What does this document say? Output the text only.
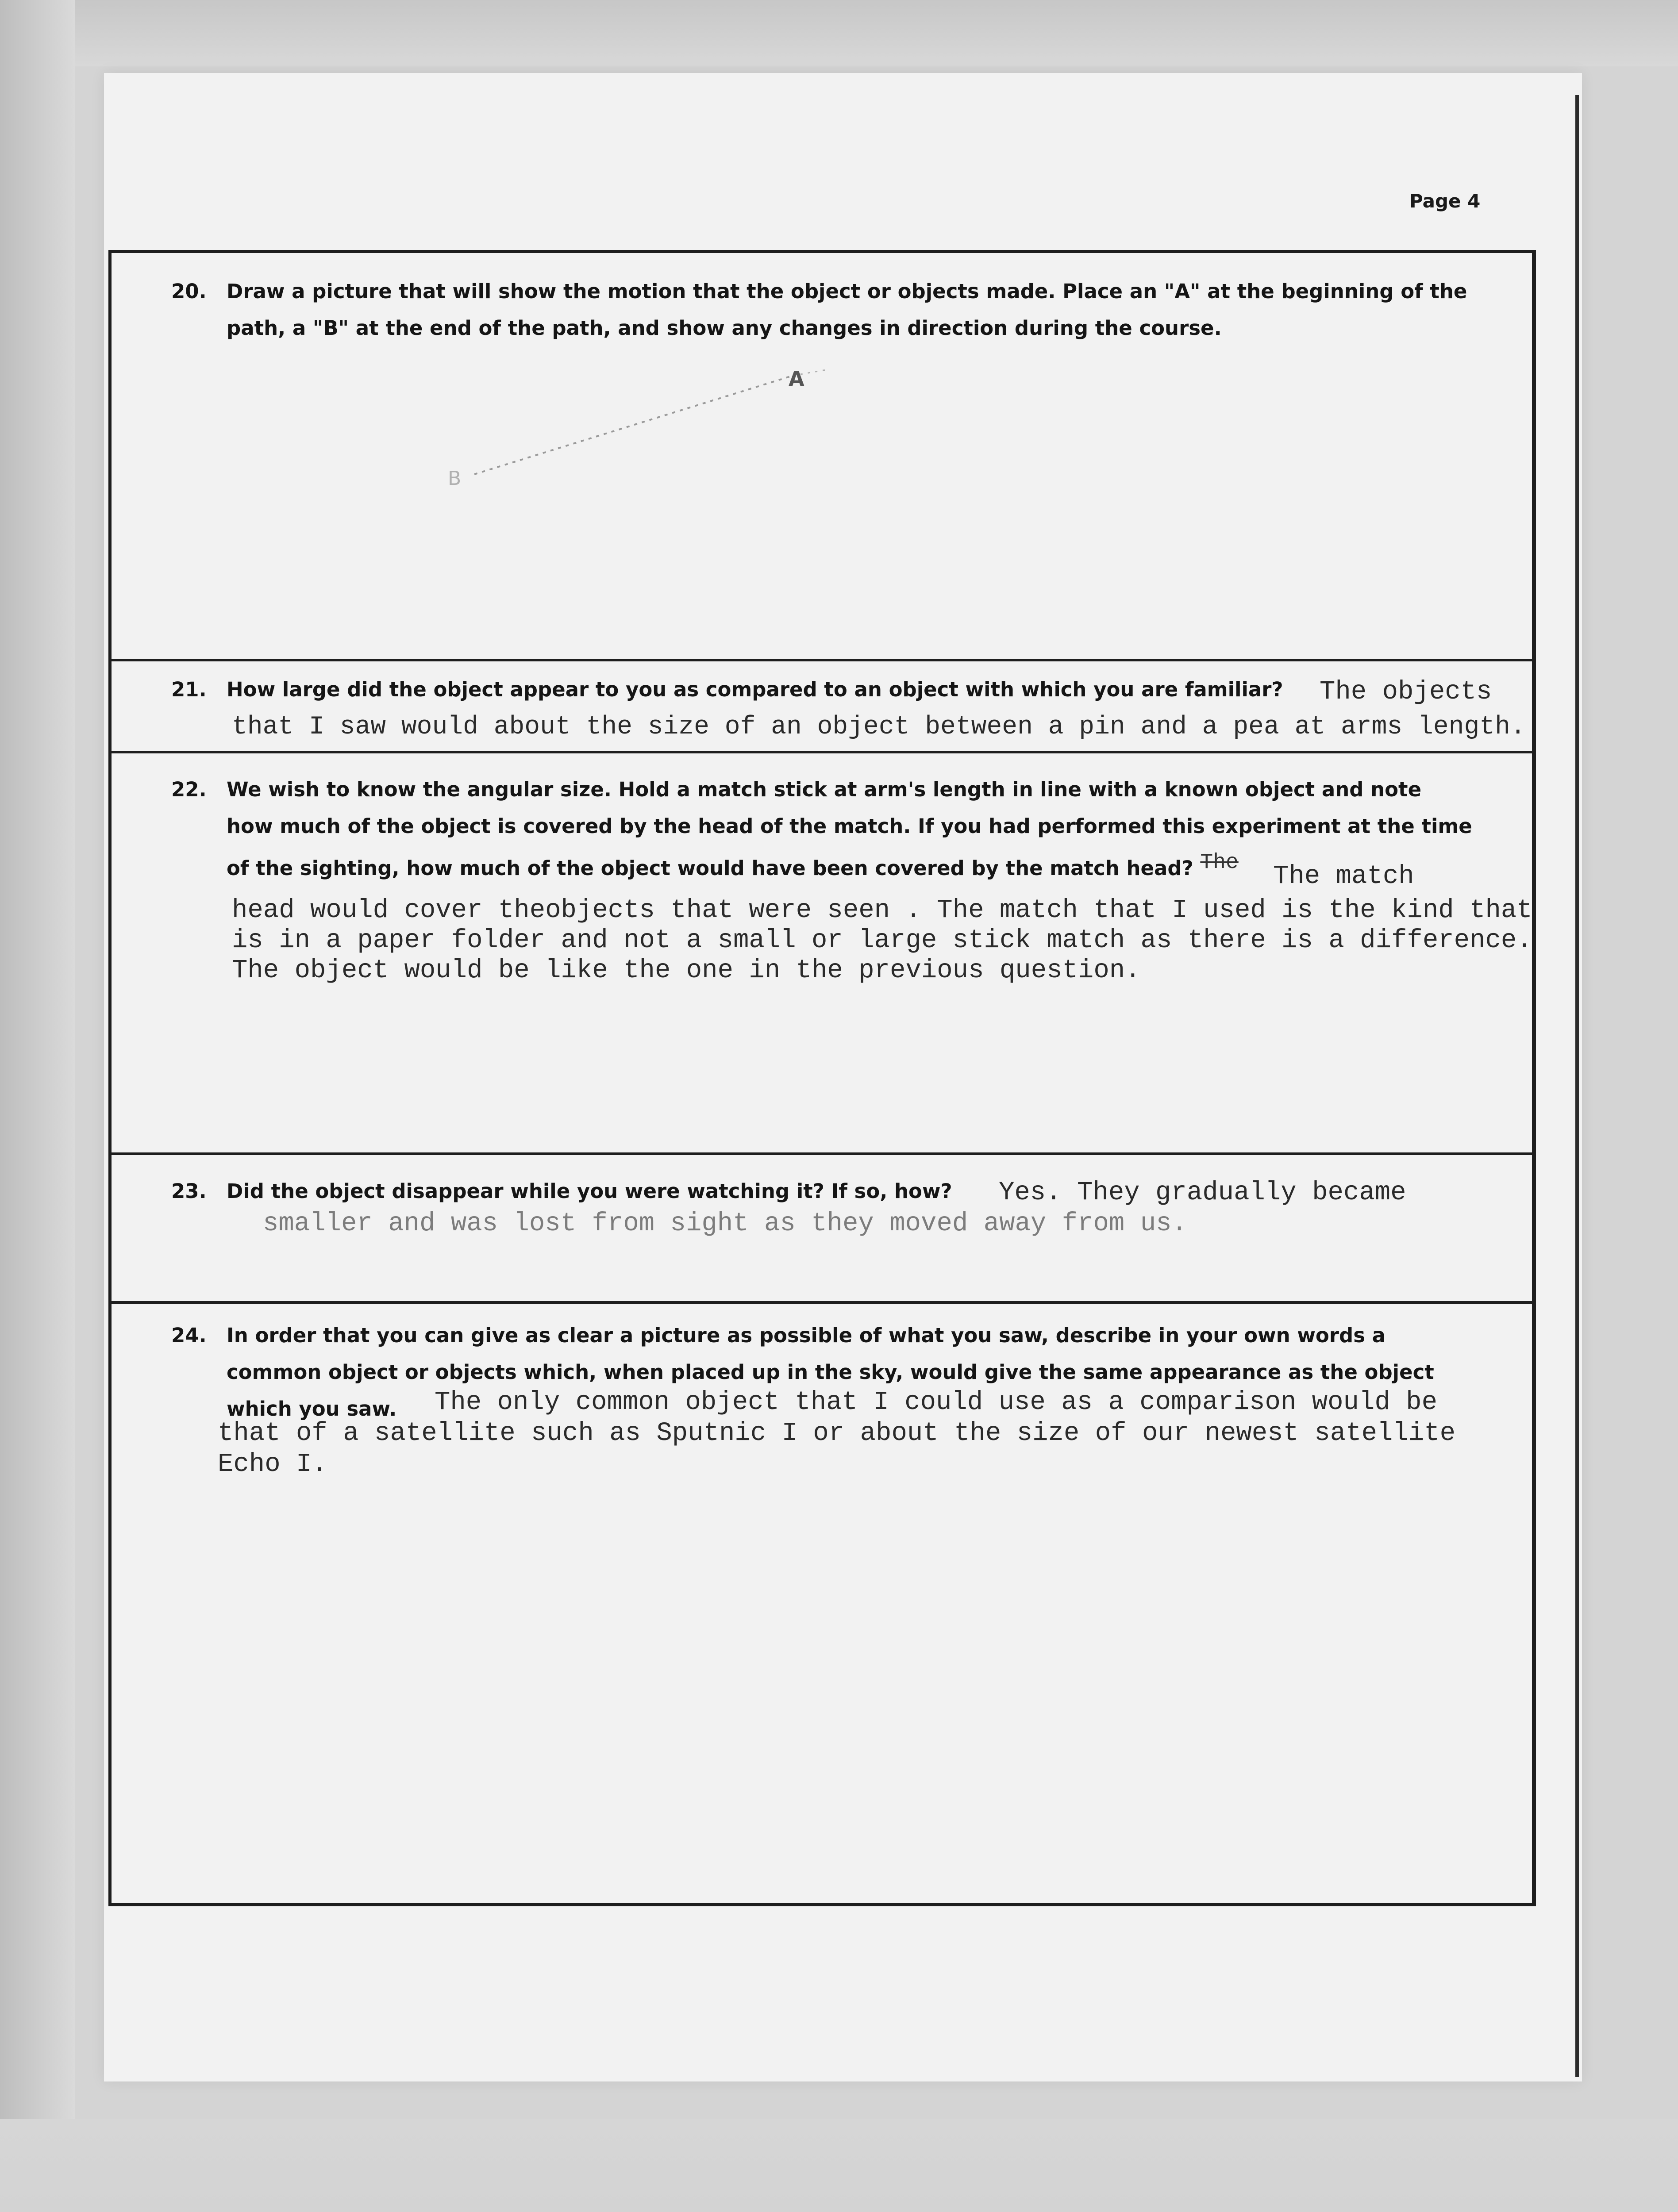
Page 4
20. Draw a picture that will show the motion that the object or objects made. Place an "A" at the beginning of the path, a "B" at the end of the path, and show any changes in direction during the course.
A
B
21. How large did the object appear to you as compared to an object with which you are familiar?	The objects
that I saw would about the size of an object between a pin and a pea at arms length.
22. We wish to know the angular size. Hold a match stick at arm's length in line with a known object and note
how much of the object is covered by the head of the match. If you had performed this experiment at the time
of the sighting, how much of the object would have been covered by the match head? $^{The}$	The match
head would cover theobjects that were seen . The match that I used is the kind that
is in a paper folder and not a small or large stick match as there is a difference.
The object would be like the one in the previous question.
23. Did the object disappear while you were watching it? If so, how?	Yes. They gradually became
smaller and was lost from sight as they moved away from us.
24. In order that you can give as clear a picture as possible of what you saw, describe in your own words a
common object or objects which, when placed up in the sky, would give the same appearance as the object
which you saw.	The only common object that I could use as a comparison would be
that of a satellite such as Sputnic I or about the size of our newest satellite
Echo I.
